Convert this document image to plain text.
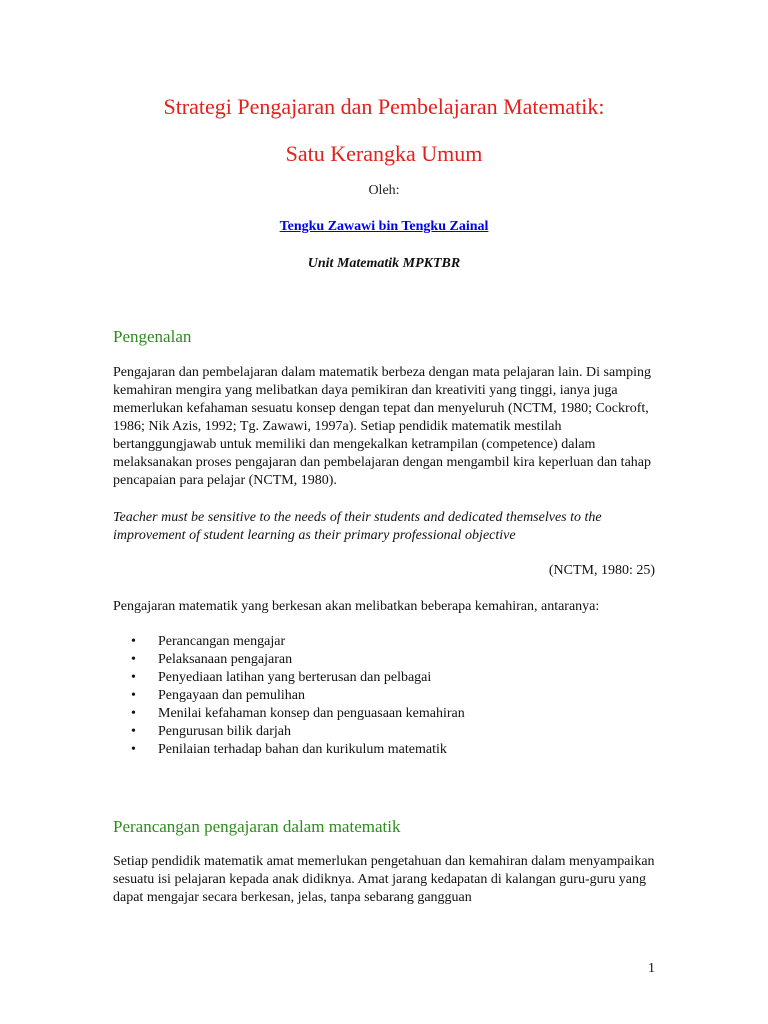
Strategi Pengajaran dan Pembelajaran Matematik:
Satu Kerangka Umum
Oleh:
Tengku Zawawi bin Tengku Zainal
Unit Matematik MPKTBR
Pengenalan

Pengajaran dan pembelajaran dalam matematik berbeza dengan mata pelajaran lain. Di samping kemahiran mengira yang melibatkan daya pemikiran dan kreativiti yang tinggi, ianya juga memerlukan kefahaman sesuatu konsep dengan tepat dan menyeluruh (NCTM, 1980; Cockroft, 1986; Nik Azis, 1992; Tg. Zawawi, 1997a). Setiap pendidik matematik mestilah bertanggungjawab untuk memiliki dan mengekalkan ketrampilan (competence) dalam melaksanakan proses pengajaran dan pembelajaran dengan mengambil kira keperluan dan tahap pencapaian para pelajar (NCTM, 1980).

Teacher must be sensitive to the needs of their students and dedicated themselves to the improvement of student learning as their primary professional objective

(NCTM, 1980: 25)

Pengajaran matematik yang berkesan akan melibatkan beberapa kemahiran, antaranya:

• Perancangan mengajar
• Pelaksanaan pengajaran
• Penyediaan latihan yang berterusan dan pelbagai
• Pengayaan dan pemulihan
• Menilai kefahaman konsep dan penguasaan kemahiran
• Pengurusan bilik darjah
• Penilaian terhadap bahan dan kurikulum matematik
Perancangan pengajaran dalam matematik

Setiap pendidik matematik amat memerlukan pengetahuan dan kemahiran dalam menyampaikan sesuatu isi pelajaran kepada anak didiknya. Amat jarang kedapatan di kalangan guru-guru yang dapat mengajar secara berkesan, jelas, tanpa sebarang gangguan

1
